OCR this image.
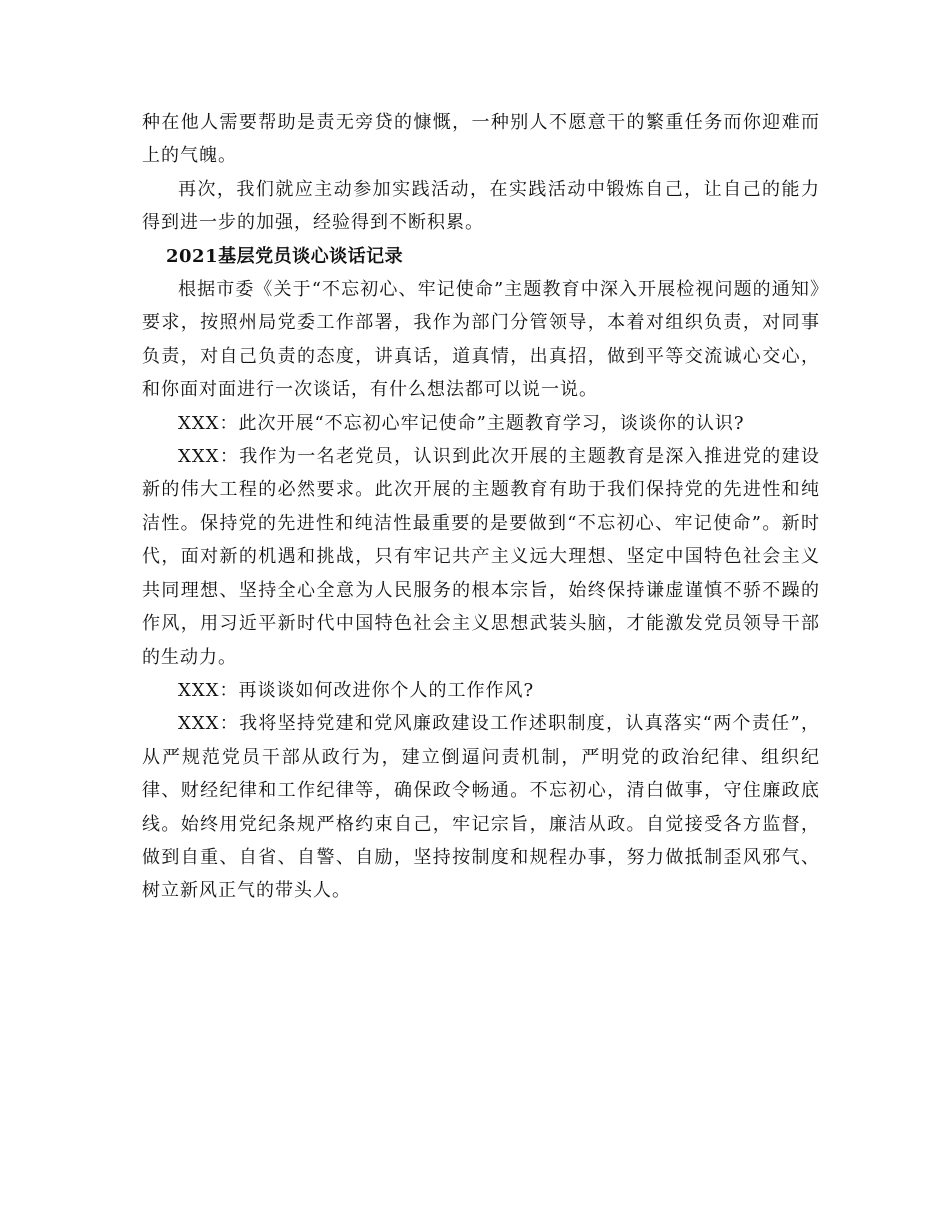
种在他人需要帮助是责无旁贷的慷慨，一种别人不愿意干的繁重任务而你迎难而上的气魄。

再次，我们就应主动参加实践活动，在实践活动中锻炼自己，让自己的能力得到进一步的加强，经验得到不断积累。

2021基层党员谈心谈话记录

根据市委《关于“不忘初心、牢记使命”主题教育中深入开展检视问题的通知》要求，按照州局党委工作部署，我作为部门分管领导，本着对组织负责，对同事负责，对自己负责的态度，讲真话，道真情，出真招，做到平等交流诚心交心，和你面对面进行一次谈话，有什么想法都可以说一说。

XXX：此次开展“不忘初心牢记使命”主题教育学习，谈谈你的认识?

XXX：我作为一名老党员，认识到此次开展的主题教育是深入推进党的建设新的伟大工程的必然要求。此次开展的主题教育有助于我们保持党的先进性和纯洁性。保持党的先进性和纯洁性最重要的是要做到“不忘初心、牢记使命”。新时代，面对新的机遇和挑战，只有牢记共产主义远大理想、坚定中国特色社会主义共同理想、坚持全心全意为人民服务的根本宗旨，始终保持谦虚谨慎不骄不躁的作风，用习近平新时代中国特色社会主义思想武装头脑，才能激发党员领导干部的生动力。

XXX：再谈谈如何改进你个人的工作作风?

XXX：我将坚持党建和党风廉政建设工作述职制度，认真落实“两个责任”，从严规范党员干部从政行为，建立倒逼问责机制，严明党的政治纪律、组织纪律、财经纪律和工作纪律等，确保政令畅通。不忘初心，清白做事，守住廉政底线。始终用党纪条规严格约束自己，牢记宗旨，廉洁从政。自觉接受各方监督，做到自重、自省、自警、自励，坚持按制度和规程办事，努力做抵制歪风邪气、树立新风正气的带头人。
